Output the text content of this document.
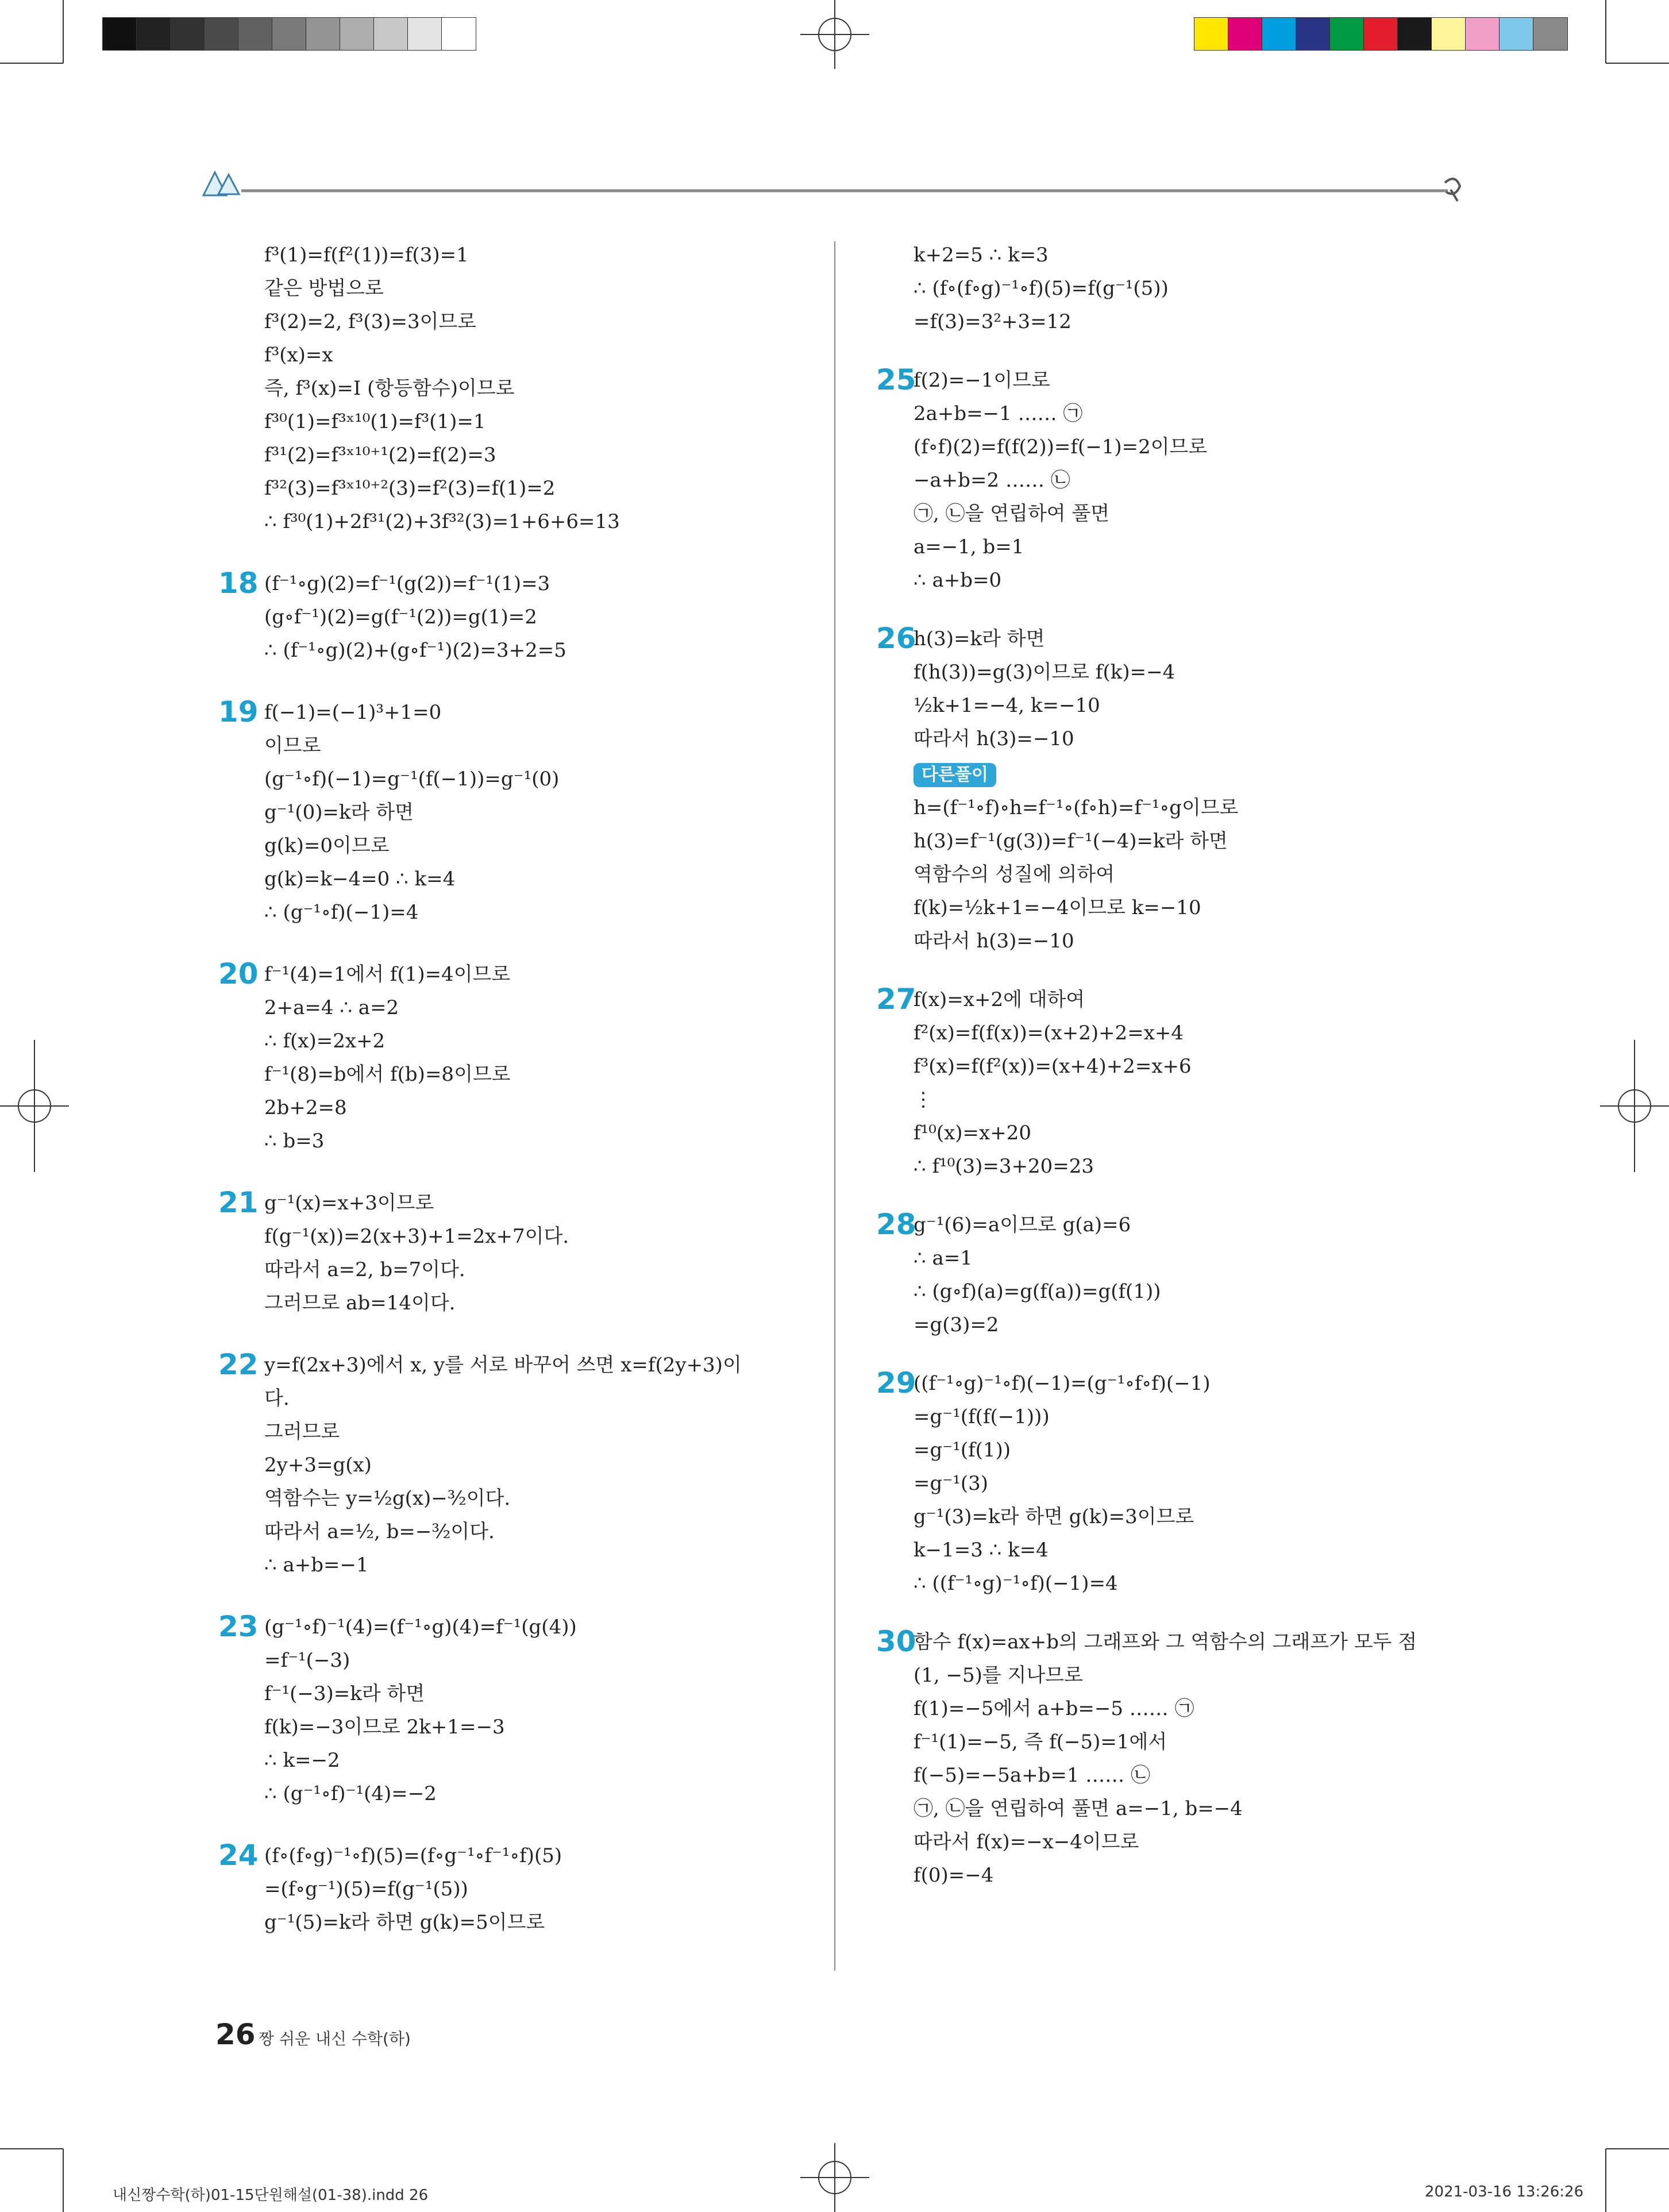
f³(1)=f(f²(1))=f(3)=1
같은 방법으로
f³(2)=2, f³(3)=3이므로
f³(x)=x
즉, f³(x)=I (항등함수)이므로
f³⁰(1)=f³ˣ¹⁰(1)=f³(1)=1
f³¹(2)=f³ˣ¹⁰⁺¹(2)=f(2)=3
f³²(3)=f³ˣ¹⁰⁺²(3)=f²(3)=f(1)=2
∴ f³⁰(1)+2f³¹(2)+3f³²(3)=1+6+6=13
18 (f⁻¹∘g)(2)=f⁻¹(g(2))=f⁻¹(1)=3
(g∘f⁻¹)(2)=g(f⁻¹(2))=g(1)=2
∴ (f⁻¹∘g)(2)+(g∘f⁻¹)(2)=3+2=5
19 f(−1)=(−1)³+1=0
이므로
(g⁻¹∘f)(−1)=g⁻¹(f(−1))=g⁻¹(0)
g⁻¹(0)=k라 하면
g(k)=0이므로
g(k)=k−4=0 ∴ k=4
∴ (g⁻¹∘f)(−1)=4
20 f⁻¹(4)=1에서 f(1)=4이므로
2+a=4 ∴ a=2
∴ f(x)=2x+2
f⁻¹(8)=b에서 f(b)=8이므로
2b+2=8
∴ b=3
21 g⁻¹(x)=x+3이므로
f(g⁻¹(x))=2(x+3)+1=2x+7이다.
따라서 a=2, b=7이다.
그러므로 ab=14이다.
22 y=f(2x+3)에서 x, y를 서로 바꾸어 쓰면 x=f(2y+3)이
다.
그러므로
2y+3=g(x)
역함수는 y=½g(x)−³⁄₂이다.
따라서 a=½, b=−³⁄₂이다.
∴ a+b=−1
23 (g⁻¹∘f)⁻¹(4)=(f⁻¹∘g)(4)=f⁻¹(g(4))
=f⁻¹(−3)
f⁻¹(−3)=k라 하면
f(k)=−3이므로 2k+1=−3
∴ k=−2
∴ (g⁻¹∘f)⁻¹(4)=−2
24 (f∘(f∘g)⁻¹∘f)(5)=(f∘g⁻¹∘f⁻¹∘f)(5)
=(f∘g⁻¹)(5)=f(g⁻¹(5))
g⁻¹(5)=k라 하면 g(k)=5이므로
k+2=5 ∴ k=3
∴ (f∘(f∘g)⁻¹∘f)(5)=f(g⁻¹(5))
=f(3)=3²+3=12
25
f(2)=−1이므로
2a+b=−1 …… ㉠
(f∘f)(2)=f(f(2))=f(−1)=2이므로
−a+b=2 …… ㉡
㉠, ㉡을 연립하여 풀면
a=−1, b=1
∴ a+b=0
26
h(3)=k라 하면
f(h(3))=g(3)이므로 f(k)=−4
½k+1=−4, k=−10
따라서 h(3)=−10
다른풀이
h=(f⁻¹∘f)∘h=f⁻¹∘(f∘h)=f⁻¹∘g이므로
h(3)=f⁻¹(g(3))=f⁻¹(−4)=k라 하면
역함수의 성질에 의하여
f(k)=½k+1=−4이므로 k=−10
따라서 h(3)=−10
27
f(x)=x+2에 대하여
f²(x)=f(f(x))=(x+2)+2=x+4
f³(x)=f(f²(x))=(x+4)+2=x+6
⋮
f¹⁰(x)=x+20
∴ f¹⁰(3)=3+20=23
28
g⁻¹(6)=a이므로 g(a)=6
∴ a=1
∴ (g∘f)(a)=g(f(a))=g(f(1))
=g(3)=2
29
((f⁻¹∘g)⁻¹∘f)(−1)=(g⁻¹∘f∘f)(−1)
=g⁻¹(f(f(−1)))
=g⁻¹(f(1))
=g⁻¹(3)
g⁻¹(3)=k라 하면 g(k)=3이므로
k−1=3 ∴ k=4
∴ ((f⁻¹∘g)⁻¹∘f)(−1)=4
30
함수 f(x)=ax+b의 그래프와 그 역함수의 그래프가 모두 점
(1, −5)를 지나므로
f(1)=−5에서 a+b=−5 …… ㉠
f⁻¹(1)=−5, 즉 f(−5)=1에서
f(−5)=−5a+b=1 …… ㉡
㉠, ㉡을 연립하여 풀면 a=−1, b=−4
따라서 f(x)=−x−4이므로
f(0)=−4
26 짱 쉬운 내신 수학(하)
내신짱수학(하)01-15단원해설(01-38).indd 26	2021-03-16 13:26:26
